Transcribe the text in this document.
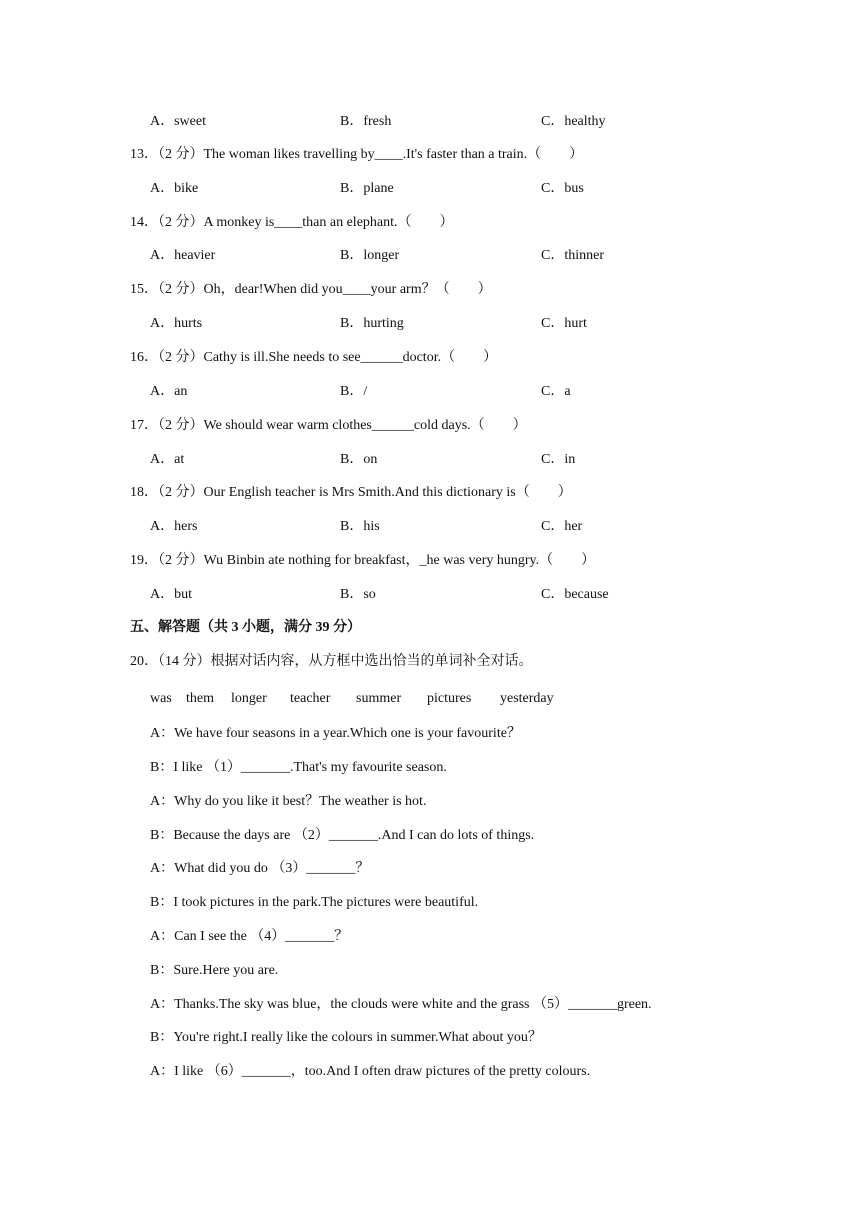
A．sweet	B．fresh	C．healthy
13．（2 分）The woman likes travelling by____.It's faster than a train.（　　）
A．bike	B．plane	C．bus
14．（2 分）A monkey is____than an elephant.（　　）
A．heavier	B．longer	C．thinner
15．（2 分）Oh，dear!When did you____your arm？（　　）
A．hurts	B．hurting	C．hurt
16．（2 分）Cathy is ill.She needs to see______doctor.（　　）
A．an	B．/	C．a
17．（2 分）We should wear warm clothes______cold days.（　　）
A．at	B．on	C．in
18．（2 分）Our English teacher is Mrs Smith.And this dictionary is（　　）
A．hers	B．his	C．her
19．（2 分）Wu Binbin ate nothing for breakfast，_he was very hungry.（　　）
A．but	B．so	C．because
五、解答题（共 3 小题，满分 39 分）
20．（14 分）根据对话内容，从方框中选出恰当的单词补全对话。
was them longer teacher summer pictures yesterday
A：We have four seasons in a year.Which one is your favourite？
B：I like （1）_______.That's my favourite season.
A：Why do you like it best？The weather is hot.
B：Because the days are （2）_______.And I can do lots of things.
A：What did you do （3）_______？
B：I took pictures in the park.The pictures were beautiful.
A：Can I see the （4）_______？
B：Sure.Here you are.
A：Thanks.The sky was blue，the clouds were white and the grass （5）_______green.
B：You're right.I really like the colours in summer.What about you？
A：I like （6）_______，too.And I often draw pictures of the pretty colours.
